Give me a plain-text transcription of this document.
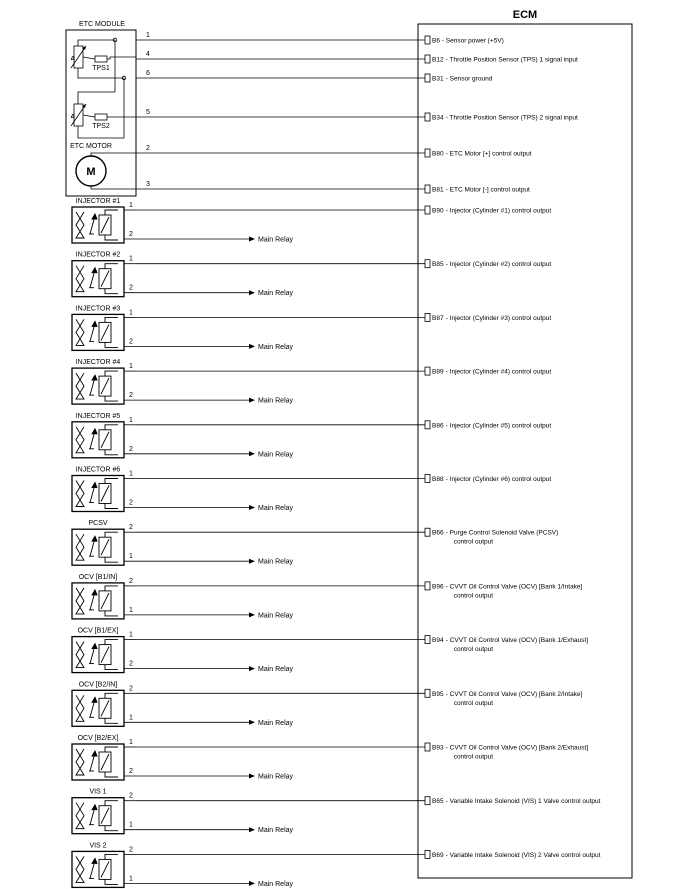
ECM
ETC MODULE
a
TPS1
a
TPS2
ETC MOTOR
M
1
B6 - Sensor power (+5V)
4
B12 - Throttle Position Sensor (TPS) 1 signal input
6
B31 - Sensor ground
5
B34 - Throttle Position Sensor (TPS) 2 signal input
2
B80 - ETC Motor [+] control output
3
B81 - ETC Motor [-] control output
INJECTOR #1
1
B90 - Injector (Cylinder #1) control output
2
Main Relay
INJECTOR #2
1
B85 - Injector (Cylinder #2) control output
2
Main Relay
INJECTOR #3
1
B87 - Injector (Cylinder #3) control output
2
Main Relay
INJECTOR #4
1
B89 - Injector (Cylinder #4) control output
2
Main Relay
INJECTOR #5
1
B86 - Injector (Cylinder #5) control output
2
Main Relay
INJECTOR #6
1
B88 - Injector (Cylinder #6) control output
2
Main Relay
PCSV
2
B66 - Purge Control Solenoid Valve (PCSV)
control output
1
Main Relay
OCV [B1/IN]
2
B96 - CVVT Oil Control Valve (OCV) [Bank 1/Intake]
control output
1
Main Relay
OCV [B1/EX]
1
B94 - CVVT Oil Control Valve (OCV) [Bank 1/Exhaust]
control output
2
Main Relay
OCV [B2/IN]
2
B95 - CVVT Oil Control Valve (OCV) [Bank 2/Intake]
control output
1
Main Relay
OCV [B2/EX]
1
B93 - CVVT Oil Control Valve (OCV) [Bank 2/Exhaust]
control output
2
Main Relay
VIS 1
2
B65 - Variable Intake Solenoid (VIS) 1 Valve control output
1
Main Relay
VIS 2
2
B69 - Variable Intake Solenoid (VIS) 2 Valve control output
1
Main Relay
